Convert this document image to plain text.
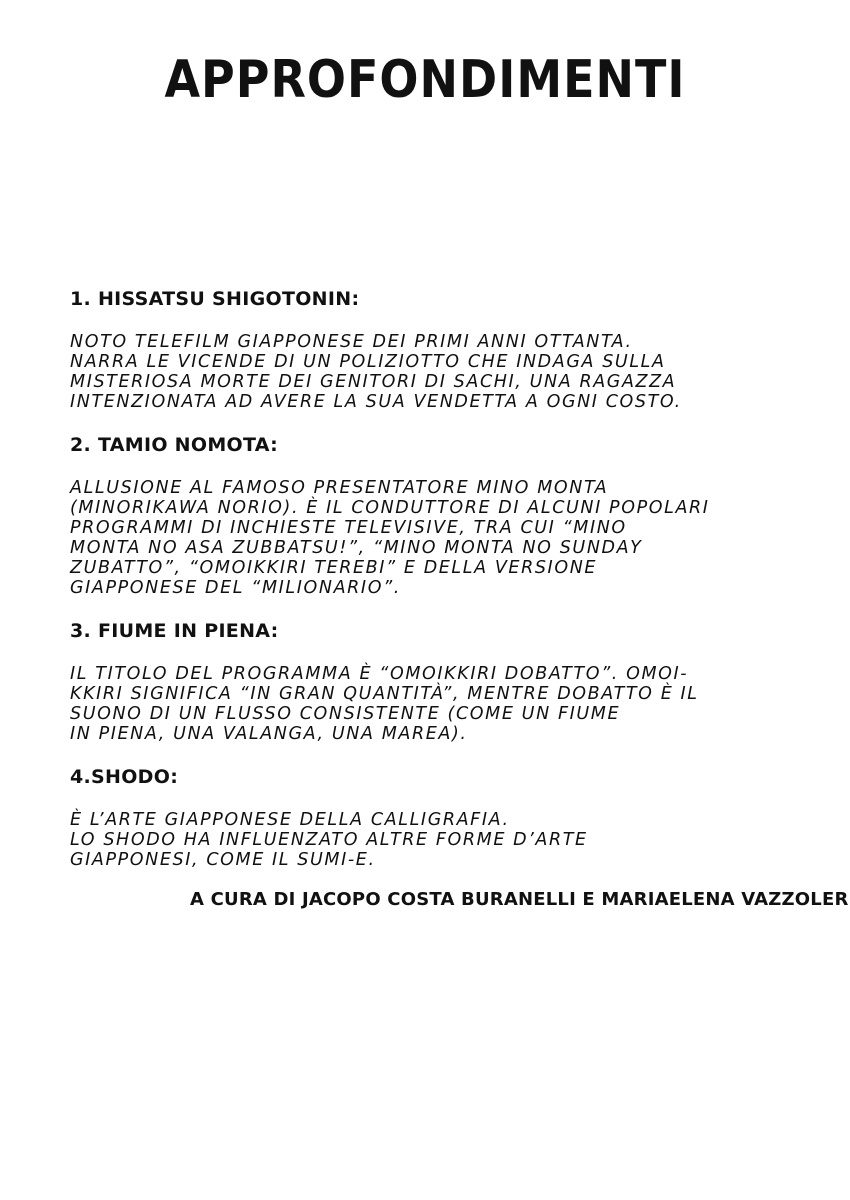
APPROFONDIMENTI

1. HISSATSU SHIGOTONIN:

NOTO TELEFILM GIAPPONESE DEI PRIMI ANNI OTTANTA.
NARRA LE VICENDE DI UN POLIZIOTTO CHE INDAGA SULLA
MISTERIOSA MORTE DEI GENITORI DI SACHI, UNA RAGAZZA
INTENZIONATA AD AVERE LA SUA VENDETTA A OGNI COSTO.

2. TAMIO NOMOTA:

ALLUSIONE AL FAMOSO PRESENTATORE MINO MONTA
(MINORIKAWA NORIO). È IL CONDUTTORE DI ALCUNI POPOLARI
PROGRAMMI DI INCHIESTE TELEVISIVE, TRA CUI “MINO
MONTA NO ASA ZUBBATSU!”, “MINO MONTA NO SUNDAY
ZUBATTO”, “OMOIKKIRI TEREBI” E DELLA VERSIONE
GIAPPONESE DEL “MILIONARIO”.

3. FIUME IN PIENA:

IL TITOLO DEL PROGRAMMA È “OMOIKKIRI DOBATTO”. OMOI-
KKIRI SIGNIFICA “IN GRAN QUANTITÀ”, MENTRE DOBATTO È IL
SUONO DI UN FLUSSO CONSISTENTE (COME UN FIUME
IN PIENA, UNA VALANGA, UNA MAREA).

4.SHODO:

È L’ARTE GIAPPONESE DELLA CALLIGRAFIA.
LO SHODO HA INFLUENZATO ALTRE FORME D’ARTE
GIAPPONESI, COME IL SUMI-E.

A CURA DI JACOPO COSTA BURANELLI E MARIAELENA VAZZOLER
